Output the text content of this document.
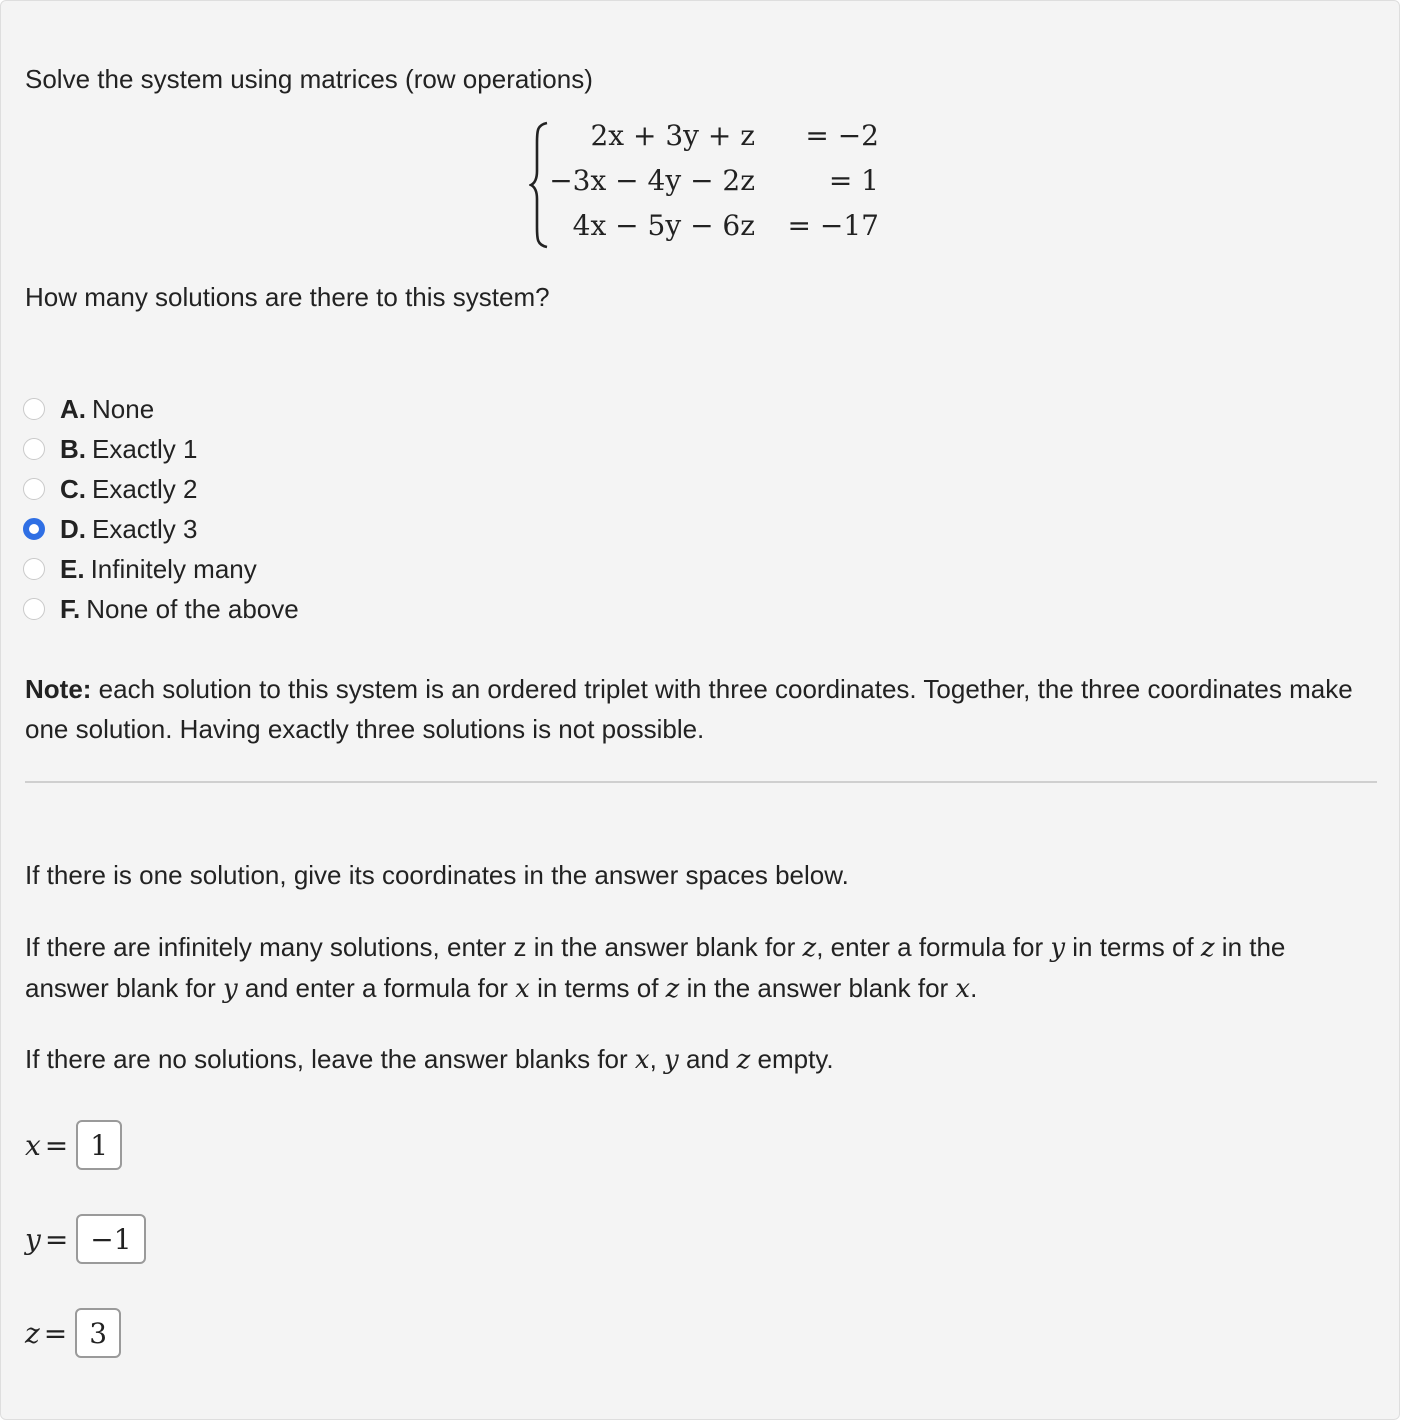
Solve the system using matrices (row operations)

2x + 3y + z = −2
−3x − 4y − 2z	= 1
4x − 5y − 6z = −17

How many solutions are there to this system?

A. None
B. Exactly 1
C. Exactly 2
D. Exactly 3
E. Infinitely many
F. None of the above
Note: each solution to this system is an ordered triplet with three coordinates. Together, the three coordinates make one solution. Having exactly three solutions is not possible.

If there is one solution, give its coordinates in the answer spaces below.

If there are infinitely many solutions, enter z in the answer blank for z, enter a formula for y in terms of z in the answer blank for y and enter a formula for x in terms of z in the answer blank for x.

If there are no solutions, leave the answer blanks for x, y and z empty.

x = 1
y = −1
z = 3
